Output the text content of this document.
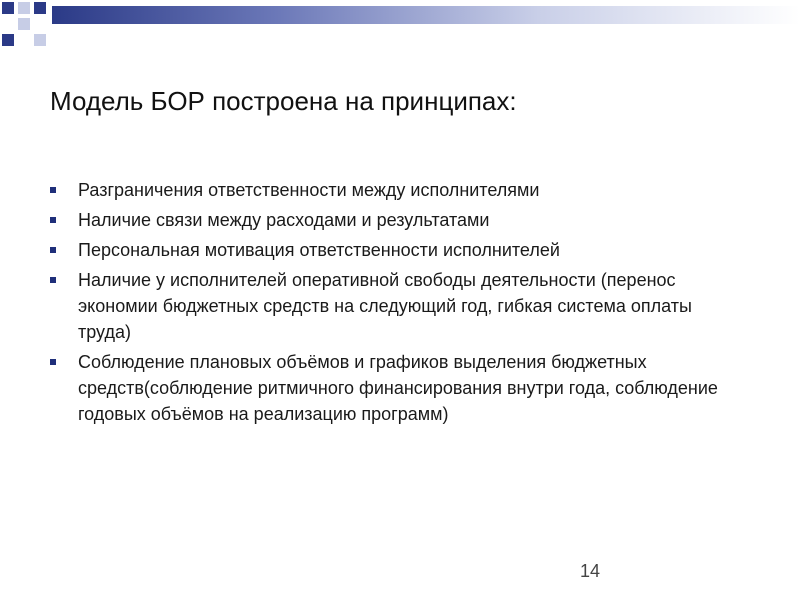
Модель БОР построена на принципах:
Разграничения ответственности между исполнителями
Наличие связи между расходами и результатами
Персональная мотивация ответственности исполнителей
Наличие у исполнителей оперативной свободы деятельности (перенос экономии бюджетных средств на следующий год, гибкая система оплаты труда)
Соблюдение плановых объёмов и графиков выделения бюджетных средств(соблюдение ритмичного финансирования внутри года, соблюдение годовых объёмов на реализацию программ)
14
